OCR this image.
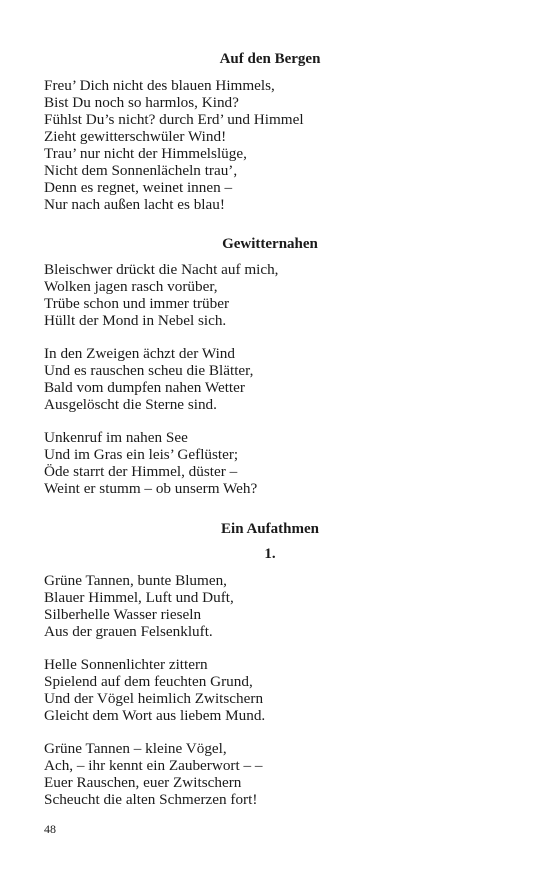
Auf den Bergen
Freu’ Dich nicht des blauen Himmels,
Bist Du noch so harmlos, Kind?
Fühlst Du’s nicht? durch Erd’ und Himmel
Zieht gewitterschwüler Wind!
Trau’ nur nicht der Himmelslüge,
Nicht dem Sonnenlächeln trau’,
Denn es regnet, weinet innen –
Nur nach außen lacht es blau!
Gewitternahen
Bleischwer drückt die Nacht auf mich,
Wolken jagen rasch vorüber,
Trübe schon und immer trüber
Hüllt der Mond in Nebel sich.
In den Zweigen ächzt der Wind
Und es rauschen scheu die Blätter,
Bald vom dumpfen nahen Wetter
Ausgelöscht die Sterne sind.
Unkenruf im nahen See
Und im Gras ein leis’ Geflüster;
Öde starrt der Himmel, düster –
Weint er stumm – ob unserm Weh?
Ein Aufathmen
1.
Grüne Tannen, bunte Blumen,
Blauer Himmel, Luft und Duft,
Silberhelle Wasser rieseln
Aus der grauen Felsenkluft.
Helle Sonnenlichter zittern
Spielend auf dem feuchten Grund,
Und der Vögel heimlich Zwitschern
Gleicht dem Wort aus liebem Mund.
Grüne Tannen – kleine Vögel,
Ach, – ihr kennt ein Zauberwort – –
Euer Rauschen, euer Zwitschern
Scheucht die alten Schmerzen fort!
48
